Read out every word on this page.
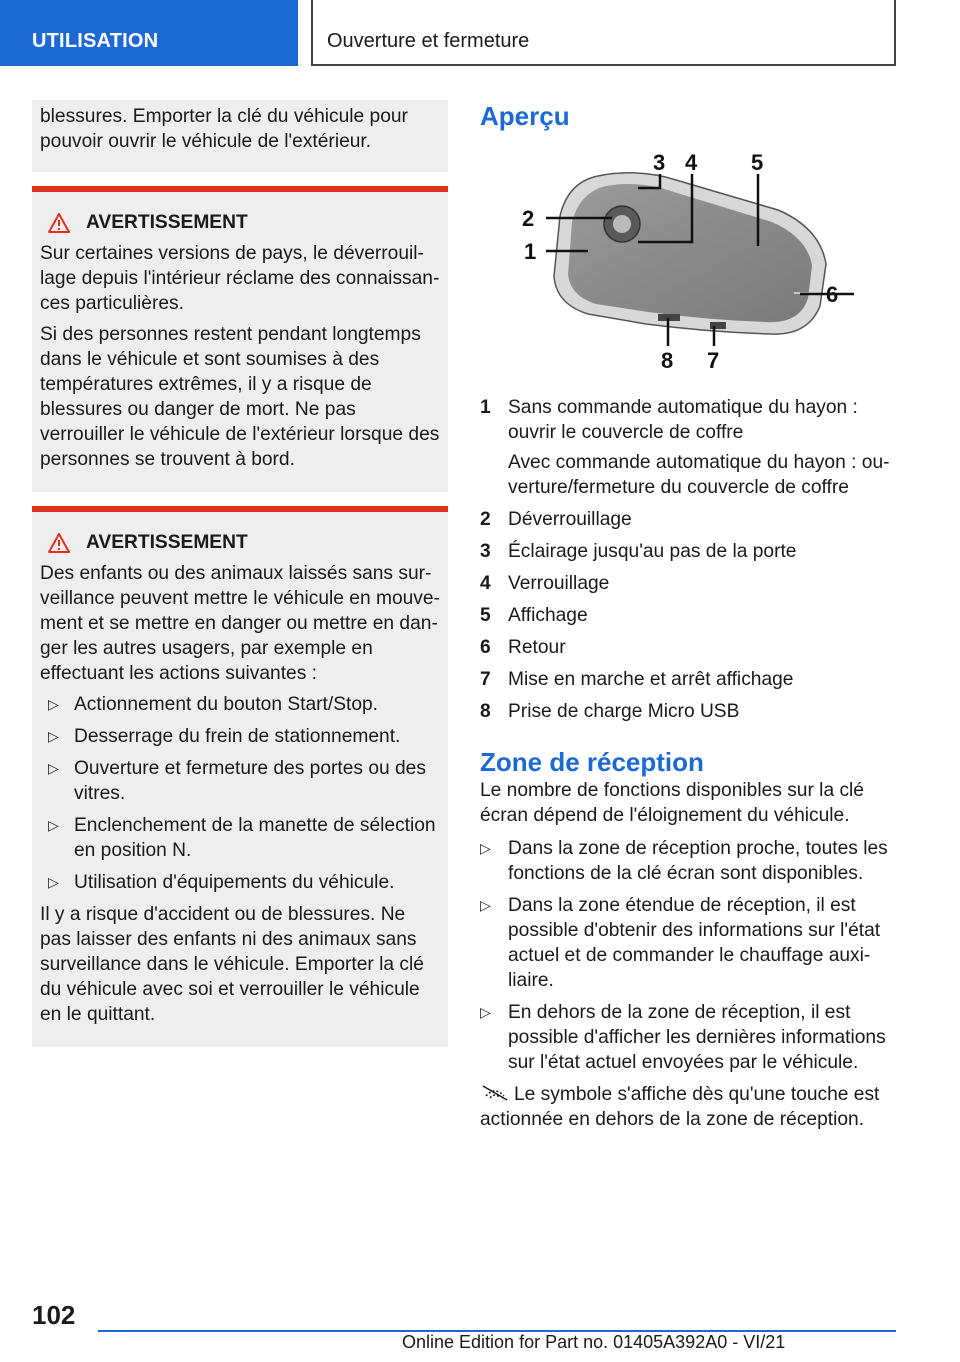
UTILISATION	Ouverture et fermeture

blessures. Emporter la clé du véhicule pour pouvoir ouvrir le véhicule de l'extérieur.

AVERTISSEMENT

Sur certaines versions de pays, le déverrouillage depuis l'intérieur réclame des connaissances particulières.

Si des personnes restent pendant longtemps dans le véhicule et sont soumises à des températures extrêmes, il y a risque de blessures ou danger de mort. Ne pas verrouiller le véhicule de l'extérieur lorsque des personnes se trouvent à bord.

AVERTISSEMENT

Des enfants ou des animaux laissés sans surveillance peuvent mettre le véhicule en mouvement et se mettre en danger ou mettre en danger les autres usagers, par exemple en effectuant les actions suivantes :

▷ Actionnement du bouton Start/Stop.
▷ Desserrage du frein de stationnement.
▷ Ouverture et fermeture des portes ou des vitres.
▷ Enclenchement de la manette de sélection en position N.
▷ Utilisation d'équipements du véhicule.

Il y a risque d'accident ou de blessures. Ne pas laisser des enfants ni des animaux sans surveillance dans le véhicule. Emporter la clé du véhicule avec soi et verrouiller le véhicule en le quittant.

Aperçu
1
2
3 4 5
6
7
8
1 Sans commande automatique du hayon : ouvrir le couvercle de coffre

Avec commande automatique du hayon : ouverture/fermeture du couvercle de coffre

2 Déverrouillage

3 Éclairage jusqu'au pas de la porte

4 Verrouillage

5 Affichage

6 Retour

7 Mise en marche et arrêt affichage

8 Prise de charge Micro USB

Zone de réception

Le nombre de fonctions disponibles sur la clé écran dépend de l'éloignement du véhicule.

▷ Dans la zone de réception proche, toutes les fonctions de la clé écran sont disponibles.
▷ Dans la zone étendue de réception, il est possible d'obtenir des informations sur l'état actuel et de commander le chauffage auxiliaire.
▷ En dehors de la zone de réception, il est possible d'afficher les dernières informations sur l'état actuel envoyées par le véhicule.

Le symbole s'affiche dès qu'une touche est actionnée en dehors de la zone de réception.

102
Online Edition for Part no. 01405A392A0 - VI/21
